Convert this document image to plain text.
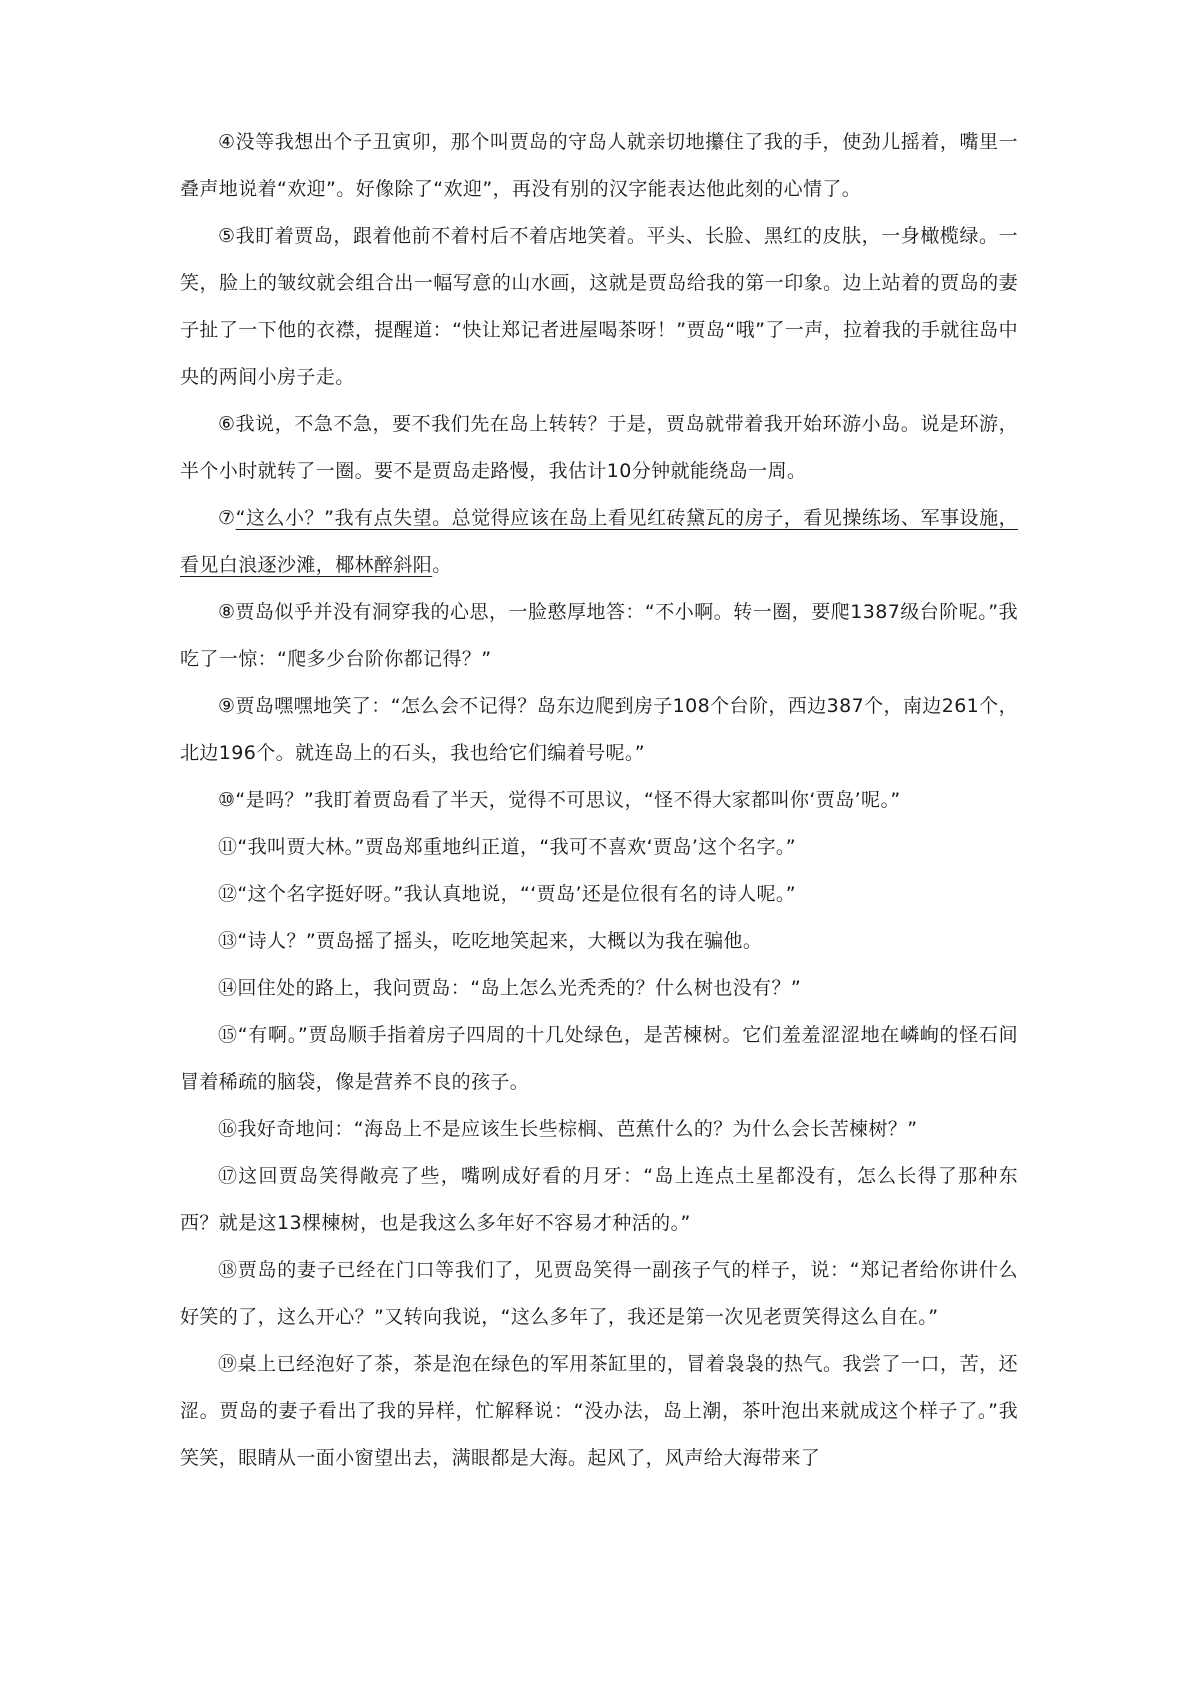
④没等我想出个子丑寅卯，那个叫贾岛的守岛人就亲切地攥住了我的手，使劲儿摇着，嘴里一叠声地说着“欢迎”。好像除了“欢迎”，再没有别的汉字能表达他此刻的心情了。

⑤我盯着贾岛，跟着他前不着村后不着店地笑着。平头、长脸、黑红的皮肤，一身橄榄绿。一笑，脸上的皱纹就会组合出一幅写意的山水画，这就是贾岛给我的第一印象。边上站着的贾岛的妻子扯了一下他的衣襟，提醒道：“快让郑记者进屋喝茶呀！”贾岛“哦”了一声，拉着我的手就往岛中央的两间小房子走。

⑥我说，不急不急，要不我们先在岛上转转？于是，贾岛就带着我开始环游小岛。说是环游，半个小时就转了一圈。要不是贾岛走路慢，我估计10分钟就能绕岛一周。

⑦“这么小？”我有点失望。总觉得应该在岛上看见红砖黛瓦的房子，看见操练场、军事设施，看见白浪逐沙滩，椰林醉斜阳。

⑧贾岛似乎并没有洞穿我的心思，一脸憨厚地答：“不小啊。转一圈，要爬1387级台阶呢。”我吃了一惊：“爬多少台阶你都记得？”

⑨贾岛嘿嘿地笑了：“怎么会不记得？岛东边爬到房子108个台阶，西边387个，南边261个，北边196个。就连岛上的石头，我也给它们编着号呢。”

⑩“是吗？”我盯着贾岛看了半天，觉得不可思议，“怪不得大家都叫你‘贾岛’呢。”

⑪“我叫贾大林。”贾岛郑重地纠正道，“我可不喜欢‘贾岛’这个名字。”

⑫“这个名字挺好呀。”我认真地说，“‘贾岛’还是位很有名的诗人呢。”

⑬“诗人？”贾岛摇了摇头，吃吃地笑起来，大概以为我在骗他。

⑭回住处的路上，我问贾岛：“岛上怎么光秃秃的？什么树也没有？”

⑮“有啊。”贾岛顺手指着房子四周的十几处绿色，是苦楝树。它们羞羞涩涩地在嶙峋的怪石间冒着稀疏的脑袋，像是营养不良的孩子。

⑯我好奇地问：“海岛上不是应该生长些棕榈、芭蕉什么的？为什么会长苦楝树？”

⑰这回贾岛笑得敞亮了些，嘴咧成好看的月牙：“岛上连点土星都没有，怎么长得了那种东西？就是这13棵楝树，也是我这么多年好不容易才种活的。”

⑱贾岛的妻子已经在门口等我们了，见贾岛笑得一副孩子气的样子，说：“郑记者给你讲什么好笑的了，这么开心？”又转向我说，“这么多年了，我还是第一次见老贾笑得这么自在。”

⑲桌上已经泡好了茶，茶是泡在绿色的军用茶缸里的，冒着袅袅的热气。我尝了一口，苦，还涩。贾岛的妻子看出了我的异样，忙解释说：“没办法，岛上潮，茶叶泡出来就成这个样子了。”我笑笑，眼睛从一面小窗望出去，满眼都是大海。起风了，风声给大海带来了
